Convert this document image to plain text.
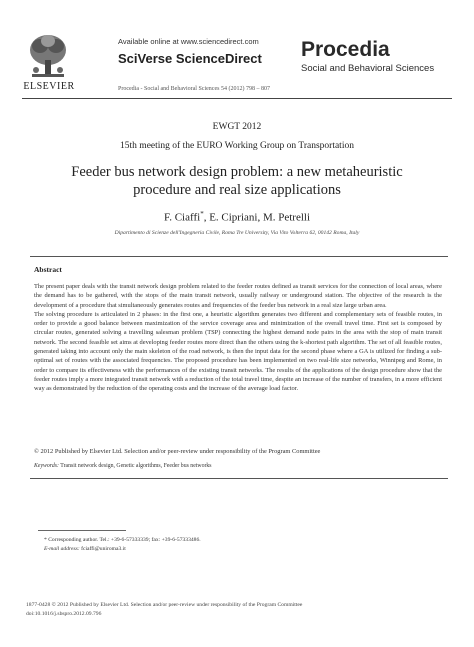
ELSEVIER
Available online at www.sciencedirect.com
SciVerse ScienceDirect
Procedia - Social and Behavioral Sciences 54 (2012) 798 – 807
Procedia
Social and Behavioral Sciences
EWGT 2012
15th meeting of the EURO Working Group on Transportation
Feeder bus network design problem: a new metaheuristic
procedure and real size applications
F. Ciaffi*, E. Cipriani, M. Petrelli
Dipartimento di Scienze dell'Ingegneria Civile, Roma Tre University, Via Vito Volterra 62, 00142 Roma, Italy
Abstract

The present paper deals with the transit network design problem related to the feeder routes defined as transit services for the connection of local areas, where the demand has to be gathered, with the stops of the main transit network, usually railway or underground station. The objective of the research is the development of a procedure that simultaneously generates routes and frequencies of the feeder bus network in a real size large urban area.

The solving procedure is articulated in 2 phases: in the first one, a heuristic algorithm generates two different and complementary sets of feasible routes, in order to provide a good balance between maximization of the service coverage area and minimization of the overall travel time. First set is composed by circular routes, generated solving a travelling salesman problem (TSP) connecting the highest demand node pairs in the area with the stop of main transit network. The second feasible set aims at developing feeder routes more direct than the others using the k-shortest path algorithm. The set of all feasible routes, generated taking into account only the main skeleton of the road network, is then the input data for the second phase where a GA is utilized for finding a sub-optimal set of routes with the associated frequencies. The proposed procedure has been implemented on two real-life size networks, Winnipeg and Rome, in order to compare its effectiveness with the performances of the existing transit networks. The results of the applications of the design procedure show that the feeder routes imply a more integrated transit network with a reduction of the total travel time, despite an increase of the number of transfers, in a more efficient way as demonstrated by the reduction of the operating costs and the increase of the average load factor.

© 2012 Published by Elsevier Ltd. Selection and/or peer-review under responsibility of the Program Committee
Keywords: Transit network design, Genetic algorithms, Feeder bus networks
* Corresponding author. Tel.: +39-6-57333339; fax: +39-6-57333486.
E-mail address: fciaffi@uniroma3.it
1877-0428 © 2012 Published by Elsevier Ltd. Selection and/or peer-review under responsibility of the Program Committee
doi:10.1016/j.sbspro.2012.09.796
